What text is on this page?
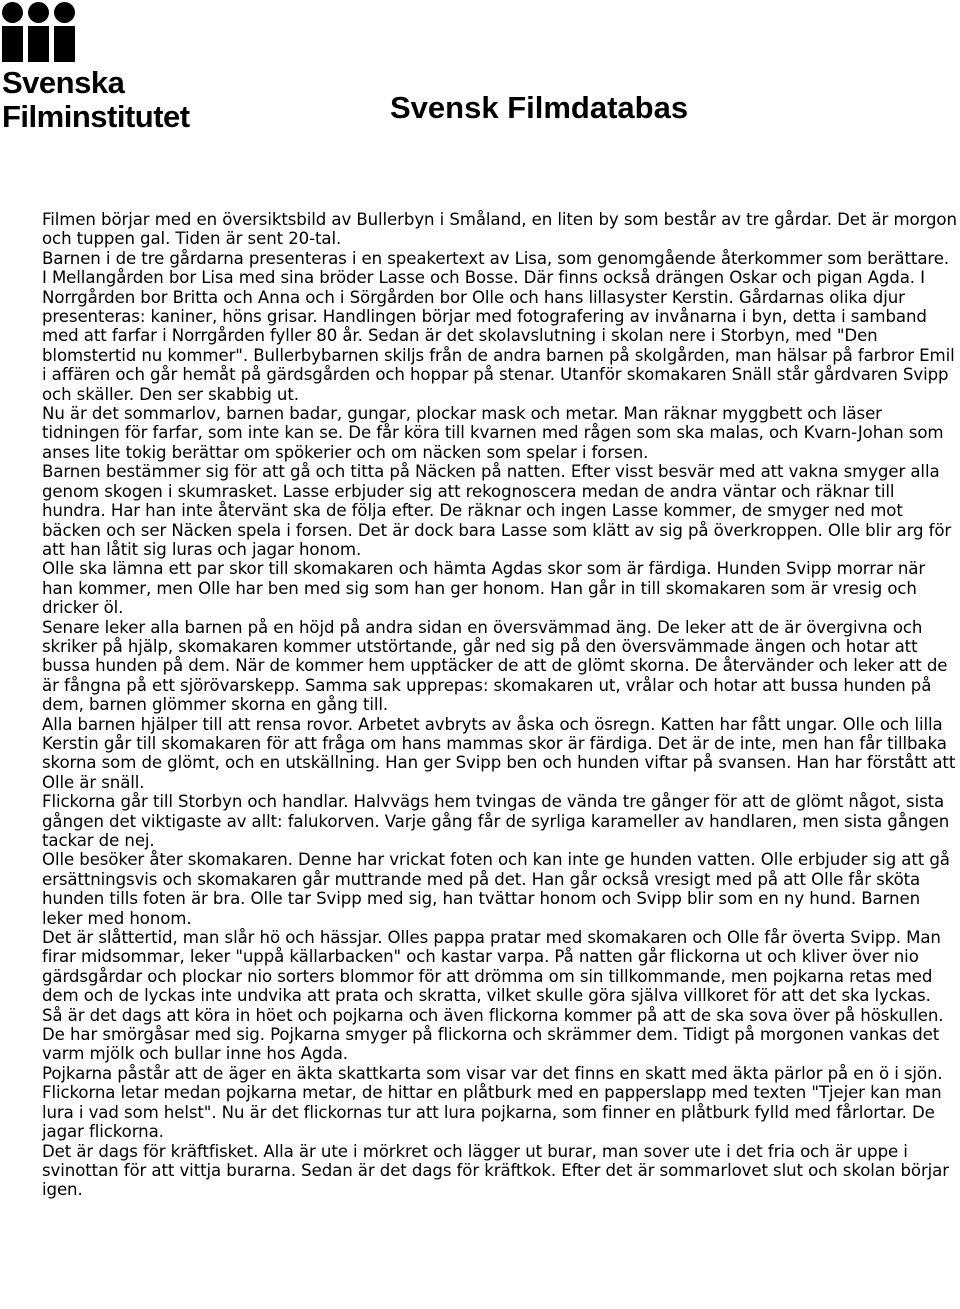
Svenska
Filminstitutet	Svensk Filmdatabas

Filmen börjar med en översiktsbild av Bullerbyn i Småland, en liten by som består av tre gårdar. Det är morgon och tuppen gal. Tiden är sent 20-tal.

Barnen i de tre gårdarna presenteras i en speakertext av Lisa, som genomgående återkommer som berättare. I Mellangården bor Lisa med sina bröder Lasse och Bosse. Där finns också drängen Oskar och pigan Agda. I Norrgården bor Britta och Anna och i Sörgården bor Olle och hans lillasyster Kerstin. Gårdarnas olika djur presenteras: kaniner, höns grisar. Handlingen börjar med fotografering av invånarna i byn, detta i samband med att farfar i Norrgården fyller 80 år. Sedan är det skolavslutning i skolan nere i Storbyn, med "Den blomstertid nu kommer". Bullerbybarnen skiljs från de andra barnen på skolgården, man hälsar på farbror Emil i affären och går hemåt på gärdsgården och hoppar på stenar. Utanför skomakaren Snäll står gårdvaren Svipp och skäller. Den ser skabbig ut.

Nu är det sommarlov, barnen badar, gungar, plockar mask och metar. Man räknar myggbett och läser tidningen för farfar, som inte kan se. De får köra till kvarnen med rågen som ska malas, och Kvarn-Johan som anses lite tokig berättar om spökerier och om näcken som spelar i forsen.

Barnen bestämmer sig för att gå och titta på Näcken på natten. Efter visst besvär med att vakna smyger alla genom skogen i skumrasket. Lasse erbjuder sig att rekognoscera medan de andra väntar och räknar till hundra. Har han inte återvänt ska de följa efter. De räknar och ingen Lasse kommer, de smyger ned mot bäcken och ser Näcken spela i forsen. Det är dock bara Lasse som klätt av sig på överkroppen. Olle blir arg för att han låtit sig luras och jagar honom.

Olle ska lämna ett par skor till skomakaren och hämta Agdas skor som är färdiga. Hunden Svipp morrar när han kommer, men Olle har ben med sig som han ger honom. Han går in till skomakaren som är vresig och dricker öl.

Senare leker alla barnen på en höjd på andra sidan en översvämmad äng. De leker att de är övergivna och skriker på hjälp, skomakaren kommer utstörtande, går ned sig på den översvämmade ängen och hotar att bussa hunden på dem. När de kommer hem upptäcker de att de glömt skorna. De återvänder och leker att de är fångna på ett sjörövarskepp. Samma sak upprepas: skomakaren ut, vrålar och hotar att bussa hunden på dem, barnen glömmer skorna en gång till.

Alla barnen hjälper till att rensa rovor. Arbetet avbryts av åska och ösregn. Katten har fått ungar. Olle och lilla Kerstin går till skomakaren för att fråga om hans mammas skor är färdiga. Det är de inte, men han får tillbaka skorna som de glömt, och en utskällning. Han ger Svipp ben och hunden viftar på svansen. Han har förstått att Olle är snäll.

Flickorna går till Storbyn och handlar. Halvvägs hem tvingas de vända tre gånger för att de glömt något, sista gången det viktigaste av allt: falukorven. Varje gång får de syrliga karameller av handlaren, men sista gången tackar de nej.

Olle besöker åter skomakaren. Denne har vrickat foten och kan inte ge hunden vatten. Olle erbjuder sig att gå ersättningsvis och skomakaren går muttrande med på det. Han går också vresigt med på att Olle får sköta hunden tills foten är bra. Olle tar Svipp med sig, han tvättar honom och Svipp blir som en ny hund. Barnen leker med honom.

Det är slåttertid, man slår hö och hässjar. Olles pappa pratar med skomakaren och Olle får överta Svipp. Man firar midsommar, leker "uppå källarbacken" och kastar varpa. På natten går flickorna ut och kliver över nio gärdsgårdar och plockar nio sorters blommor för att drömma om sin tillkommande, men pojkarna retas med dem och de lyckas inte undvika att prata och skratta, vilket skulle göra själva villkoret för att det ska lyckas.

Så är det dags att köra in höet och pojkarna och även flickorna kommer på att de ska sova över på höskullen. De har smörgåsar med sig. Pojkarna smyger på flickorna och skrämmer dem. Tidigt på morgonen vankas det varm mjölk och bullar inne hos Agda.

Pojkarna påstår att de äger en äkta skattkarta som visar var det finns en skatt med äkta pärlor på en ö i sjön. Flickorna letar medan pojkarna metar, de hittar en plåtburk med en papperslapp med texten "Tjejer kan man lura i vad som helst". Nu är det flickornas tur att lura pojkarna, som finner en plåtburk fylld med fårlortar. De jagar flickorna.

Det är dags för kräftfisket. Alla är ute i mörkret och lägger ut burar, man sover ute i det fria och är uppe i svinottan för att vittja burarna. Sedan är det dags för kräftkok. Efter det är sommarlovet slut och skolan börjar igen.
